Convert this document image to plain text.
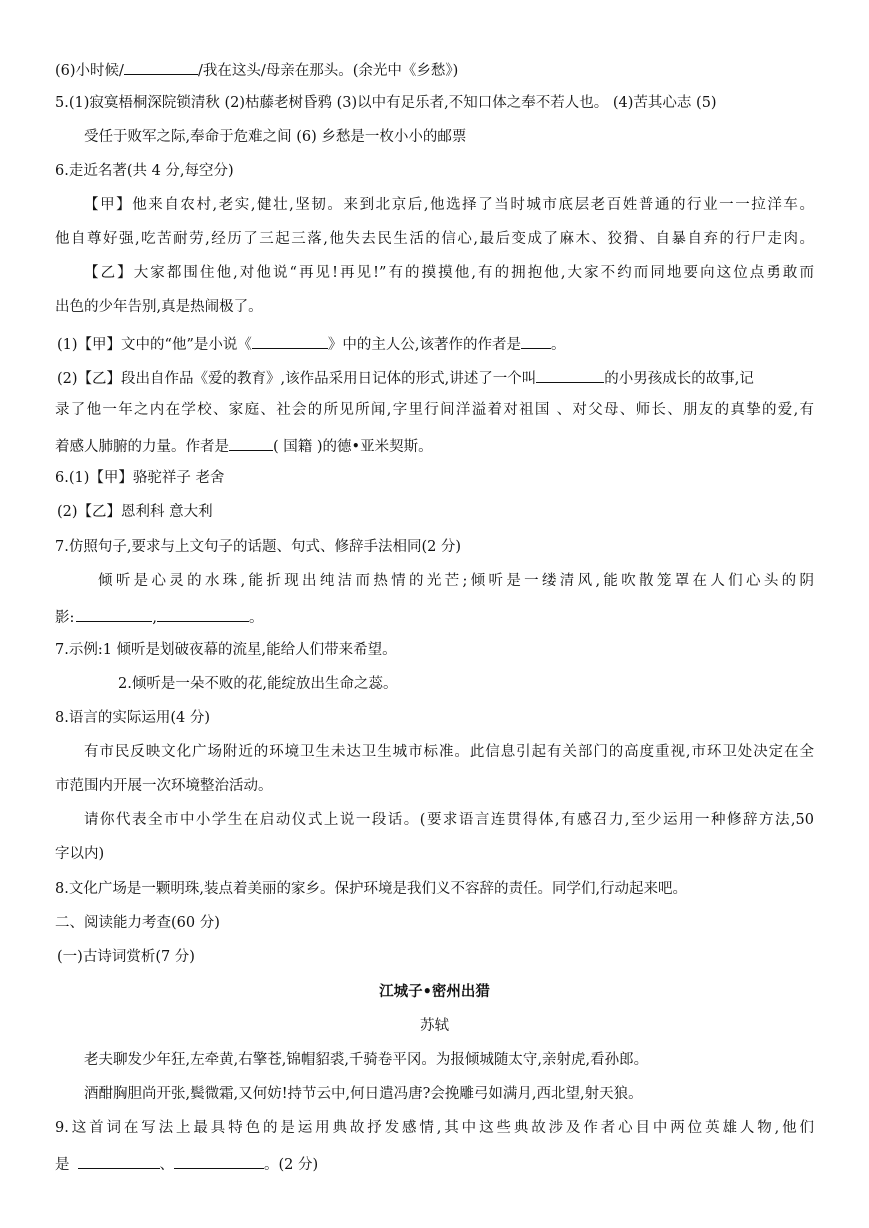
(6)小时候/	/我在这头/母亲在那头。(余光中《乡愁》)
5.(1)寂寞梧桐深院锁清秋 (2)枯藤老树昏鸦 (3)以中有足乐者,不知口体之奉不若人也。 (4)苦其心志 (5)
受任于败军之际,奉命于危难之间 (6) 乡愁是一枚小小的邮票
6.走近名著(共 4 分,每空分)
【甲】他来自农村,老实,健壮,坚韧。来到北京后,他选择了当时城市底层老百姓普通的行业一一拉洋车。
他自尊好强,吃苦耐劳,经历了三起三落,他失去民生活的信心,最后变成了麻木、狡猾、自暴自弃的行尸走肉。
【乙】大家都围住他,对他说“再见!再见!”有的摸摸他,有的拥抱他,大家不约而同地要向这位点勇敢而
出色的少年告别,真是热闹极了。
(1)【甲】文中的“他”是小说《	》中的主人公,该著作的作者是 。
(2)【乙】段出自作品《爱的教育》,该作品采用日记体的形式,讲述了一个叫	的小男孩成长的故事,记
录了他一年之内在学校、家庭、社会的所见所闻,字里行间洋溢着对祖国 、对父母、师长、朋友的真挚的爱,有
着感人肺腑的力量。作者是	( 国籍 )的德•亚米契斯。
6.(1)【甲】骆驼祥子 老舍
(2)【乙】恩利科 意大利
7.仿照句子,要求与上文句子的话题、句式、修辞手法相同(2 分)
倾听是心灵的水珠,能折现出纯洁而热情的光芒;倾听是一缕清风,能吹散笼罩在人们心头的阴
影:	,	。
7.示例:1 倾听是划破夜幕的流星,能给人们带来希望。
2.倾听是一朵不败的花,能绽放出生命之蕊。
8.语言的实际运用(4 分)
有市民反映文化广场附近的环境卫生未达卫生城市标准。此信息引起有关部门的高度重视,市环卫处决定在全
市范围内开展一次环境整治活动。
请你代表全市中小学生在启动仪式上说一段话。(要求语言连贯得体,有感召力,至少运用一种修辞方法,50
字以内)
8.文化广场是一颗明珠,装点着美丽的家乡。保护环境是我们义不容辞的责任。同学们,行动起来吧。
二、阅读能力考查(60 分)
(一)古诗词赏析(7 分)
江城子•密州出猎
苏轼
老夫聊发少年狂,左牵黄,右擎苍,锦帽貂裘,千骑卷平冈。为报倾城随太守,亲射虎,看孙郎。
酒酣胸胆尚开张,鬓微霜,又何妨!持节云中,何日遣冯唐?会挽雕弓如满月,西北望,射天狼。
9.这首词在写法上最具特色的是运用典故抒发感情,其中这些典故涉及作者心目中两位英雄人物,他们
是	、	。(2 分)
